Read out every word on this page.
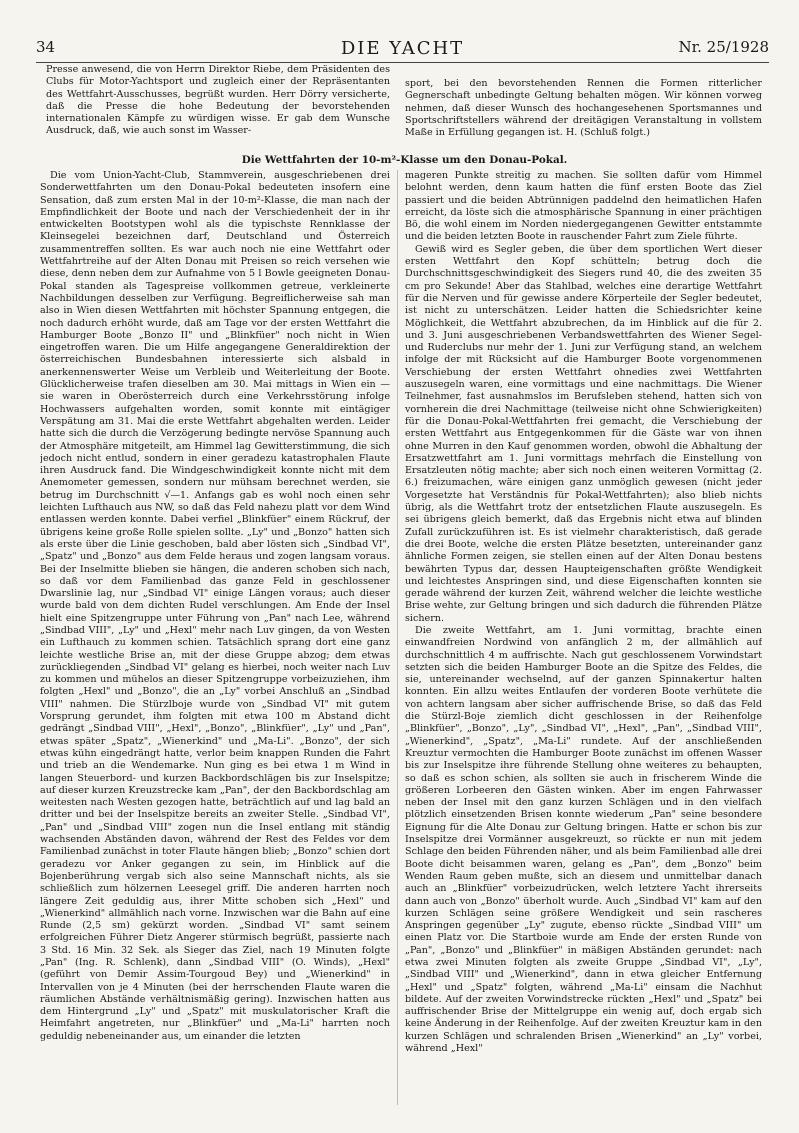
34	DIE YACHT	Nr. 25/1928

Presse anwesend, die von Herrn Direktor Riebe, dem Präsidenten des Clubs für Motor-Yachtsport und zugleich einer der Repräsentanten des Wettfahrt-Ausschusses, begrüßt wurden. Herr Dörry versicherte, daß die Presse die hohe Bedeutung der bevorstehenden internationalen Kämpfe zu würdigen wisse. Er gab dem Wunsche Ausdruck, daß, wie auch sonst im Wasser-

sport, bei den bevorstehenden Rennen die Formen ritterlicher Gegnerschaft unbedingte Geltung behalten mögen. Wir können vorweg nehmen, daß dieser Wunsch des hochangesehenen Sportsmannes und Sportschriftstellers während der dreitägigen Veranstaltung in vollstem Maße in Erfüllung gegangen ist. H. (Schluß folgt.)

Die Wettfahrten der 10-m²-Klasse um den Donau-Pokal.

Die vom Union-Yacht-Club, Stammverein, ausgeschriebenen drei Sonderwettfahrten um den Donau-Pokal bedeuteten insofern eine Sensation, daß zum ersten Mal in der 10-m²-Klasse, die man nach der Empfindlichkeit der Boote und nach der Verschiedenheit der in ihr entwickelten Bootstypen wohl als die typischste Rennklasse der Kleinsegelei bezeichnen darf, Deutschland und Österreich zusammentreffen sollten. Es war auch noch nie eine Wettfahrt oder Wettfahrtreihe auf der Alten Donau mit Preisen so reich versehen wie diese, denn neben dem zur Aufnahme von 5 l Bowle geeigneten Donau-Pokal standen als Tagespreise vollkommen getreue, verkleinerte Nachbildungen desselben zur Verfügung. Begreiflicherweise sah man also in Wien diesen Wettfahrten mit höchster Spannung entgegen, die noch dadurch erhöht wurde, daß am Tage vor der ersten Wettfahrt die Hamburger Boote „Bonzo II" und „Blinkfüer" noch nicht in Wien eingetroffen waren. Die um Hilfe angegangene Generaldirektion der österreichischen Bundesbahnen interessierte sich alsbald in anerkennenswerter Weise um Verbleib und Weiterleitung der Boote. Glücklicherweise trafen dieselben am 30. Mai mittags in Wien ein — sie waren in Oberösterreich durch eine Verkehrsstörung infolge Hochwassers aufgehalten worden, somit konnte mit eintägiger Verspätung am 31. Mai die erste Wettfahrt abgehalten werden. Leider hatte sich die durch die Verzögerung bedingte nervöse Spannung auch der Atmosphäre mitgeteilt, am Himmel lag Gewitterstimmung, die sich jedoch nicht entlud, sondern in einer geradezu katastrophalen Flaute ihren Ausdruck fand. Die Windgeschwindigkeit konnte nicht mit dem Anemometer gemessen, sondern nur mühsam berechnet werden, sie betrug im Durchschnitt √—1. Anfangs gab es wohl noch einen sehr leichten Lufthauch aus NW, so daß das Feld nahezu platt vor dem Wind entlassen werden konnte. Dabei verfiel „Blinkfüer" einem Rückruf, der übrigens keine große Rolle spielen sollte. „Ly" und „Bonzo" hatten sich als erste über die Linie geschoben, bald aber lösten sich „Sindbad VI", „Spatz" und „Bonzo" aus dem Felde heraus und zogen langsam voraus. Bei der Inselmitte blieben sie hängen, die anderen schoben sich nach, so daß vor dem Familienbad das ganze Feld in geschlossener Dwarslinie lag, nur „Sindbad VI" einige Längen voraus; auch dieser wurde bald von dem dichten Rudel verschlungen. Am Ende der Insel hielt eine Spitzengruppe unter Führung von „Pan" nach Lee, während „Sindbad VIII", „Ly" und „Hexl" mehr nach Luv gingen, da von Westen ein Lufthauch zu kommen schien. Tatsächlich sprang dort eine ganz leichte westliche Brise an, mit der diese Gruppe abzog; dem etwas zurückliegenden „Sindbad VI" gelang es hierbei, noch weiter nach Luv zu kommen und mühelos an dieser Spitzengruppe vorbeizuziehen, ihm folgten „Hexl" und „Bonzo", die an „Ly" vorbei Anschluß an „Sindbad VIII" nahmen. Die Stürzlboje wurde von „Sindbad VI" mit gutem Vorsprung gerundet, ihm folgten mit etwa 100 m Abstand dicht gedrängt „Sindbad VIII", „Hexl", „Bonzo", „Blinkfüer", „Ly" und „Pan", etwas später „Spatz", „Wienerkind" und „Ma-Li". „Bonzo", der sich etwas kühn eingedrängt hatte, verlor beim knappen Runden die Fahrt und trieb an die Wendemarke. Nun ging es bei etwa 1 m Wind in langen Steuerbord- und kurzen Backbordschlägen bis zur Inselspitze; auf dieser kurzen Kreuzstrecke kam „Pan", der den Backbordschlag am weitesten nach Westen gezogen hatte, beträchtlich auf und lag bald an dritter und bei der Inselspitze bereits an zweiter Stelle. „Sindbad VI", „Pan" und „Sindbad VIII" zogen nun die Insel entlang mit ständig wachsenden Abständen davon, während der Rest des Feldes vor dem Familienbad zunächst in toter Flaute hängen blieb; „Bonzo" schien dort geradezu vor Anker gegangen zu sein, im Hinblick auf die Bojenberührung vergab sich also seine Mannschaft nichts, als sie schließlich zum hölzernen Leesegel griff. Die anderen harrten noch längere Zeit geduldig aus, ihrer Mitte schoben sich „Hexl" und „Wienerkind" allmählich nach vorne. Inzwischen war die Bahn auf eine Runde (2,5 sm) gekürzt worden. „Sindbad VI" samt seinem erfolgreichen Führer Dietz Angerer stürmisch begrüßt, passierte nach 3 Std. 16 Min. 32 Sek. als Sieger das Ziel, nach 19 Minuten folgte „Pan" (Ing. R. Schlenk), dann „Sindbad VIII" (O. Winds), „Hexl" (geführt von Demir Assim-Tourgoud Bey) und „Wienerkind" in Intervallen von je 4 Minuten (bei der herrschenden Flaute waren die räumlichen Abstände verhältnismäßig gering). Inzwischen hatten aus dem Hintergrund „Ly" und „Spatz" mit muskulatorischer Kraft die Heimfahrt angetreten, nur „Blinkfüer" und „Ma-Li" harrten noch geduldig nebeneinander aus, um einander die letzten

mageren Punkte streitig zu machen. Sie sollten dafür vom Himmel belohnt werden, denn kaum hatten die fünf ersten Boote das Ziel passiert und die beiden Abtrünnigen paddelnd den heimatlichen Hafen erreicht, da löste sich die atmosphärische Spannung in einer prächtigen Bö, die wohl einem im Norden niedergegangenen Gewitter entstammte und die beiden letzten Boote in rauschender Fahrt zum Ziele führte.

Gewiß wird es Segler geben, die über dem sportlichen Wert dieser ersten Wettfahrt den Kopf schütteln; betrug doch die Durchschnittsgeschwindigkeit des Siegers rund 40, die des zweiten 35 cm pro Sekunde! Aber das Stahlbad, welches eine derartige Wettfahrt für die Nerven und für gewisse andere Körperteile der Segler bedeutet, ist nicht zu unterschätzen. Leider hatten die Schiedsrichter keine Möglichkeit, die Wettfahrt abzubrechen, da im Hinblick auf die für 2. und 3. Juni ausgeschriebenen Verbandswettfahrten des Wiener Segel- und Ruderclubs nur mehr der 1. Juni zur Verfügung stand, an welchem infolge der mit Rücksicht auf die Hamburger Boote vorgenommenen Verschiebung der ersten Wettfahrt ohnedies zwei Wettfahrten auszusegeln waren, eine vormittags und eine nachmittags. Die Wiener Teilnehmer, fast ausnahmslos im Berufsleben stehend, hatten sich von vornherein die drei Nachmittage (teilweise nicht ohne Schwierigkeiten) für die Donau-Pokal-Wettfahrten frei gemacht, die Verschiebung der ersten Wettfahrt aus Entgegenkommen für die Gäste war von ihnen ohne Murren in den Kauf genommen worden, obwohl die Abhaltung der Ersatzwettfahrt am 1. Juni vormittags mehrfach die Einstellung von Ersatzleuten nötig machte; aber sich noch einen weiteren Vormittag (2. 6.) freizumachen, wäre einigen ganz unmöglich gewesen (nicht jeder Vorgesetzte hat Verständnis für Pokal-Wettfahrten); also blieb nichts übrig, als die Wettfahrt trotz der entsetzlichen Flaute auszusegeln. Es sei übrigens gleich bemerkt, daß das Ergebnis nicht etwa auf blinden Zufall zurückzuführen ist. Es ist vielmehr charakteristisch, daß gerade die drei Boote, welche die ersten Plätze besetzten, untereinander ganz ähnliche Formen zeigen, sie stellen einen auf der Alten Donau bestens bewährten Typus dar, dessen Haupteigenschaften größte Wendigkeit und leichtestes Anspringen sind, und diese Eigenschaften konnten sie gerade während der kurzen Zeit, während welcher die leichte westliche Brise wehte, zur Geltung bringen und sich dadurch die führenden Plätze sichern.

Die zweite Wettfahrt, am 1. Juni vormittag, brachte einen einwandfreien Nordwind von anfänglich 2 m, der allmählich auf durchschnittlich 4 m auffrischte. Nach gut geschlossenem Vorwindstart setzten sich die beiden Hamburger Boote an die Spitze des Feldes, die sie, untereinander wechselnd, auf der ganzen Spinnakertur halten konnten. Ein allzu weites Entlaufen der vorderen Boote verhütete die von achtern langsam aber sicher auffrischende Brise, so daß das Feld die Stürzl-Boje ziemlich dicht geschlossen in der Reihenfolge „Blinkfüer", „Bonzo", „Ly", „Sindbad VI", „Hexl", „Pan", „Sindbad VIII", „Wienerkind", „Spatz", „Ma-Li" rundete. Auf der anschließenden Kreuztur vermochten die Hamburger Boote zunächst im offenen Wasser bis zur Inselspitze ihre führende Stellung ohne weiteres zu behaupten, so daß es schon schien, als sollten sie auch in frischerem Winde die größeren Lorbeeren den Gästen winken. Aber im engen Fahrwasser neben der Insel mit den ganz kurzen Schlägen und in den vielfach plötzlich einsetzenden Brisen konnte wiederum „Pan" seine besondere Eignung für die Alte Donau zur Geltung bringen. Hatte er schon bis zur Inselspitze drei Vormänner ausgekreuzt, so rückte er nun mit jedem Schlage den beiden Führenden näher, und als beim Familienbad alle drei Boote dicht beisammen waren, gelang es „Pan", dem „Bonzo" beim Wenden Raum geben mußte, sich an diesem und unmittelbar danach auch an „Blinkfüer" vorbeizudrücken, welch letztere Yacht ihrerseits dann auch von „Bonzo" überholt wurde. Auch „Sindbad VI" kam auf den kurzen Schlägen seine größere Wendigkeit und sein rascheres Anspringen gegenüber „Ly" zugute, ebenso rückte „Sindbad VIII" um einen Platz vor. Die Startboie wurde am Ende der ersten Runde von „Pan", „Bonzo" und „Blinkfüer" in mäßigen Abständen gerundet: nach etwa zwei Minuten folgten als zweite Gruppe „Sindbad VI", „Ly", „Sindbad VIII" und „Wienerkind", dann in etwa gleicher Entfernung „Hexl" und „Spatz" folgten, während „Ma-Li" einsam die Nachhut bildete. Auf der zweiten Vorwindstrecke rückten „Hexl" und „Spatz" bei auffrischender Brise der Mittelgruppe ein wenig auf, doch ergab sich keine Änderung in der Reihenfolge. Auf der zweiten Kreuztur kam in den kurzen Schlägen und schralenden Brisen „Wienerkind" an „Ly" vorbei, während „Hexl"
